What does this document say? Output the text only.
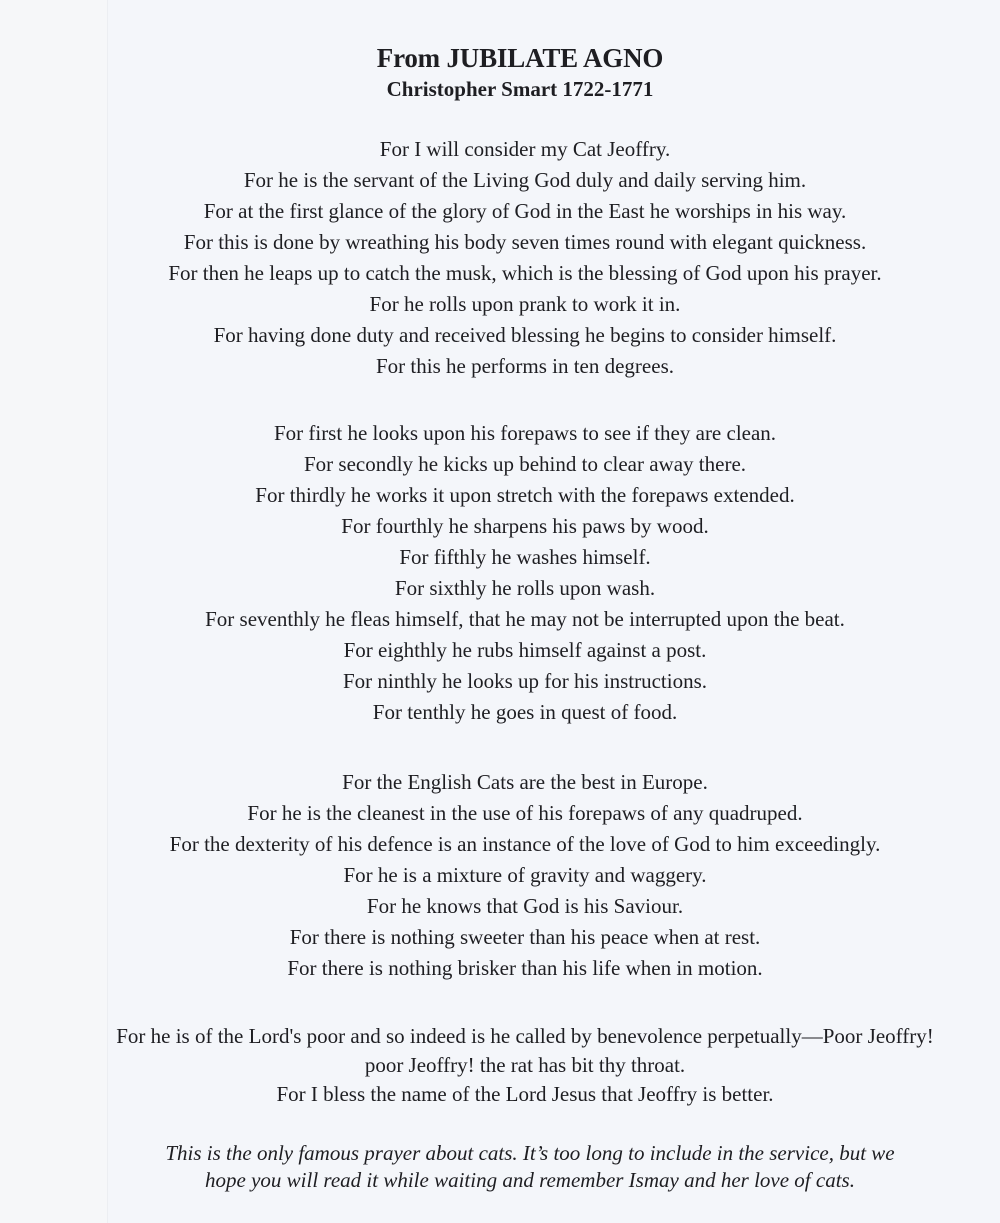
From JUBILATE AGNO
Christopher Smart 1722-1771
For I will consider my Cat Jeoffry.
For he is the servant of the Living God duly and daily serving him.
For at the first glance of the glory of God in the East he worships in his way.
For this is done by wreathing his body seven times round with elegant quickness.
For then he leaps up to catch the musk, which is the blessing of God upon his prayer.
For he rolls upon prank to work it in.
For having done duty and received blessing he begins to consider himself.
For this he performs in ten degrees.
For first he looks upon his forepaws to see if they are clean.
For secondly he kicks up behind to clear away there.
For thirdly he works it upon stretch with the forepaws extended.
For fourthly he sharpens his paws by wood.
For fifthly he washes himself.
For sixthly he rolls upon wash.
For seventhly he fleas himself, that he may not be interrupted upon the beat.
For eighthly he rubs himself against a post.
For ninthly he looks up for his instructions.
For tenthly he goes in quest of food.
For the English Cats are the best in Europe.
For he is the cleanest in the use of his forepaws of any quadruped.
For the dexterity of his defence is an instance of the love of God to him exceedingly.
For he is a mixture of gravity and waggery.
For he knows that God is his Saviour.
For there is nothing sweeter than his peace when at rest.
For there is nothing brisker than his life when in motion.
For he is of the Lord's poor and so indeed is he called by benevolence perpetually—Poor Jeoffry! poor Jeoffry! the rat has bit thy throat.
For I bless the name of the Lord Jesus that Jeoffry is better.
This is the only famous prayer about cats. It’s too long to include in the service, but we
hope you will read it while waiting and remember Ismay and her love of cats.
